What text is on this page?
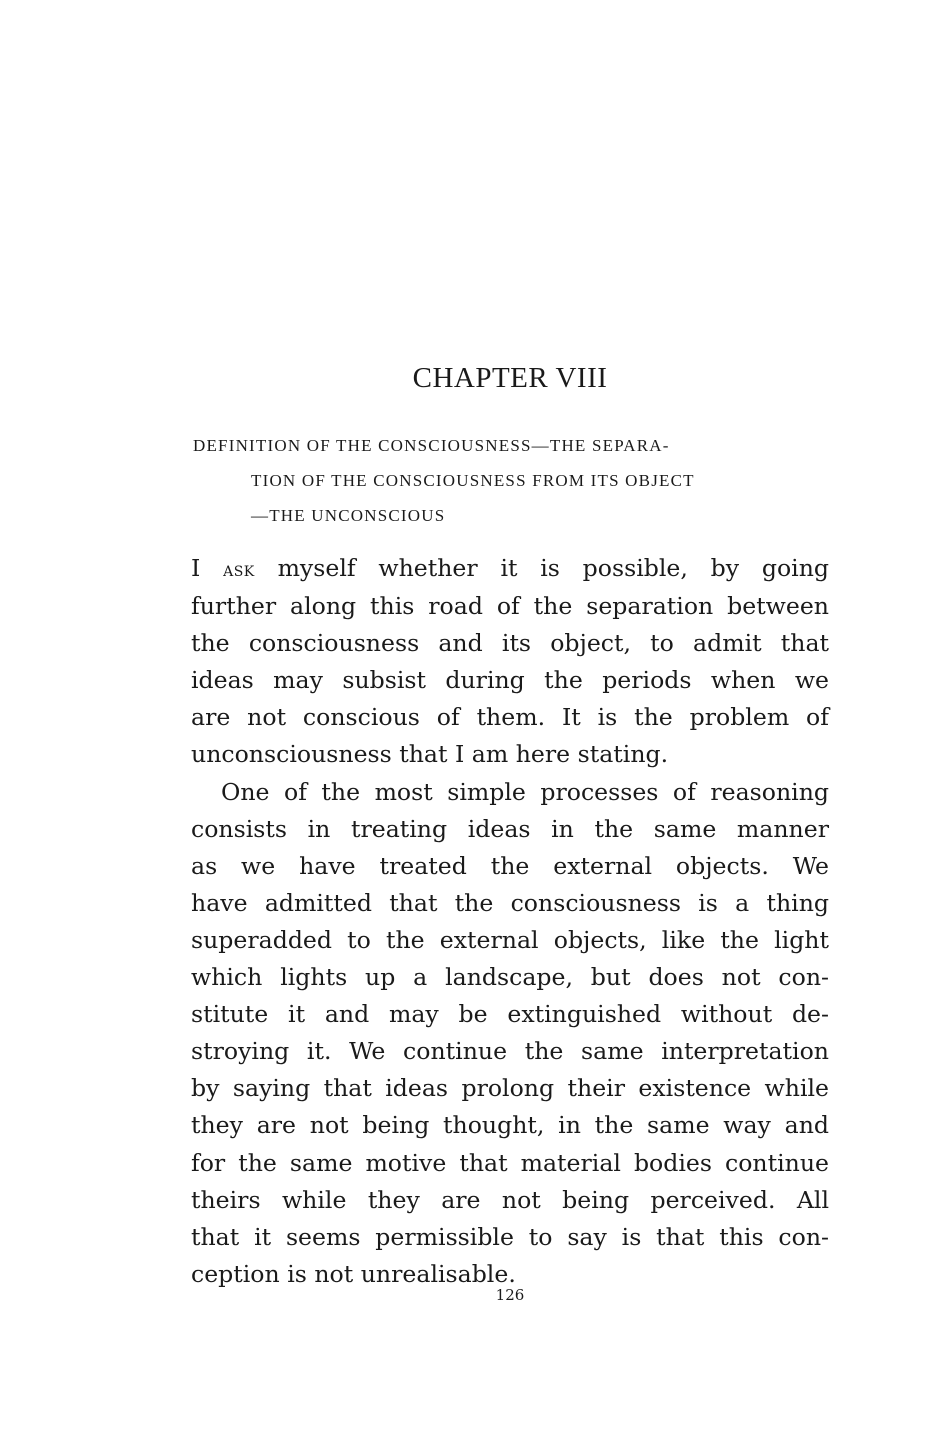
CHAPTER VIII
DEFINITION OF THE CONSCIOUSNESS—THE SEPARA-
TION OF THE CONSCIOUSNESS FROM ITS OBJECT
—THE UNCONSCIOUS
I ask myself whether it is possible, by going
further along this road of the separation between
the consciousness and its object, to admit that
ideas may subsist during the periods when we
are not conscious of them. It is the problem of
unconsciousness that I am here stating.
One of the most simple processes of reasoning
consists in treating ideas in the same manner
as we have treated the external objects. We
have admitted that the consciousness is a thing
superadded to the external objects, like the light
which lights up a landscape, but does not con-
stitute it and may be extinguished without de-
stroying it. We continue the same interpretation
by saying that ideas prolong their existence while
they are not being thought, in the same way and
for the same motive that material bodies continue
theirs while they are not being perceived. All
that it seems permissible to say is that this con-
ception is not unrealisable.
126
